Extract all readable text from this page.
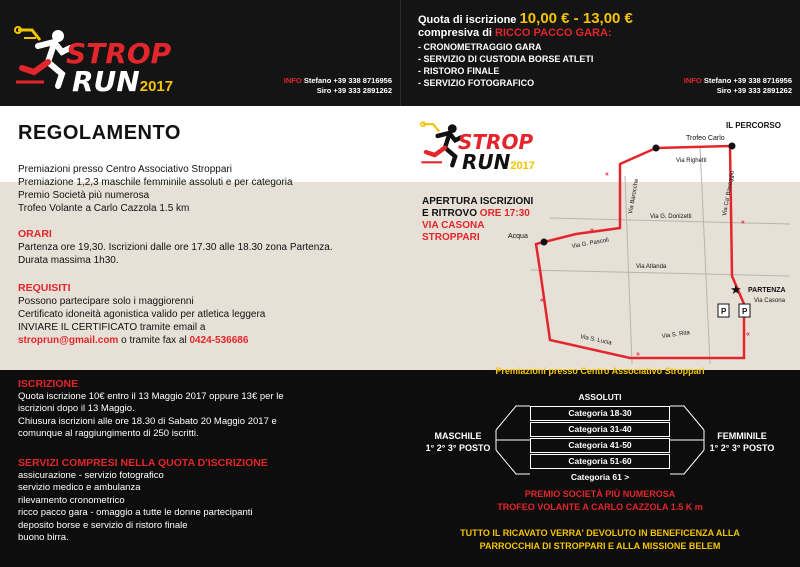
STROP
RUN2017	INFO Stefano +39 338 8716956
Siro +39 333 2891262
Quota di iscrizione 10,00 € - 13,00 €
compresiva di RICCO PACCO GARA:
- CRONOMETRAGGIO GARA
- SERVIZIO DI CUSTODIA BORSE ATLETI
- RISTORO FINALE
- SERVIZIO FOTOGRAFICO	INFO Stefano +39 338 8716956
Siro +39 333 2891262
REGOLAMENTO
Premiazioni presso Centro Associativo Stroppari
Premiazione 1,2,3 maschile femminile assoluti e per categoria
Premio Società più numerosa
Trofeo Volante a Carlo Cazzola 1.5 km
ORARI
Partenza ore 19,30. Iscrizioni dalle ore 17.30 alle 18.30 zona Partenza.
Durata massima 1h30.
REQUISITI
Possono partecipare solo i maggiorenni
Certificato idoneità agonistica valido per atletica leggera
INVIARE IL CERTIFICATO tramite email a
stroprun@gmail.com o tramite fax al 0424-536686
ISCRIZIONE
Quota iscrizione 10€ entro il 13 Maggio 2017 oppure 13€ per le
iscrizioni dopo il 13 Maggio.
Chiusura iscrizioni alle ore 18.30 di Sabato 20 Maggio 2017 e
comunque al raggiungimento di 250 iscritti.
SERVIZI COMPRESI NELLA QUOTA D'ISCRIZIONE
assicurazione - servizio fotografico
servizio medico e ambulanza
rilevamento cronometrico
ricco pacco gara - omaggio a tutte le donne partecipanti
deposito borse e servizio di ristoro finale
buono birra.
STROP
RUN2017
IL PERCORSO
APERTURA ISCRIZIONI
E RITROVO ORE 17:30
VIA CASONA
STROPPARI
«
«
«
«
»
«
★
P P
Trofeo Carlo
Via Righetti
Via G. Donizetti
Via Atlanda
Acqua
Via G. Pascoli
PARTENZA
Via Casona
Via S. Lucia	Via S. Rita
Via Barocche	Via Ca' Baseggio
Premiazioni presso Centro Associativo Stroppari
ASSOLUTI
Categoria 18-30
Categoria 31-40
Categoria 41-50
Categoria 51-60
Categoria 61 >
MASCHILE
1° 2° 3° POSTO
FEMMINILE
1° 2° 3° POSTO
PREMIO SOCIETÀ PIÙ NUMEROSA
TROFEO VOLANTE A CARLO CAZZOLA 1.5 K m
TUTTO IL RICAVATO VERRA' DEVOLUTO IN BENEFICENZA ALLA
PARROCCHIA DI STROPPARI E ALLA MISSIONE BELEM
